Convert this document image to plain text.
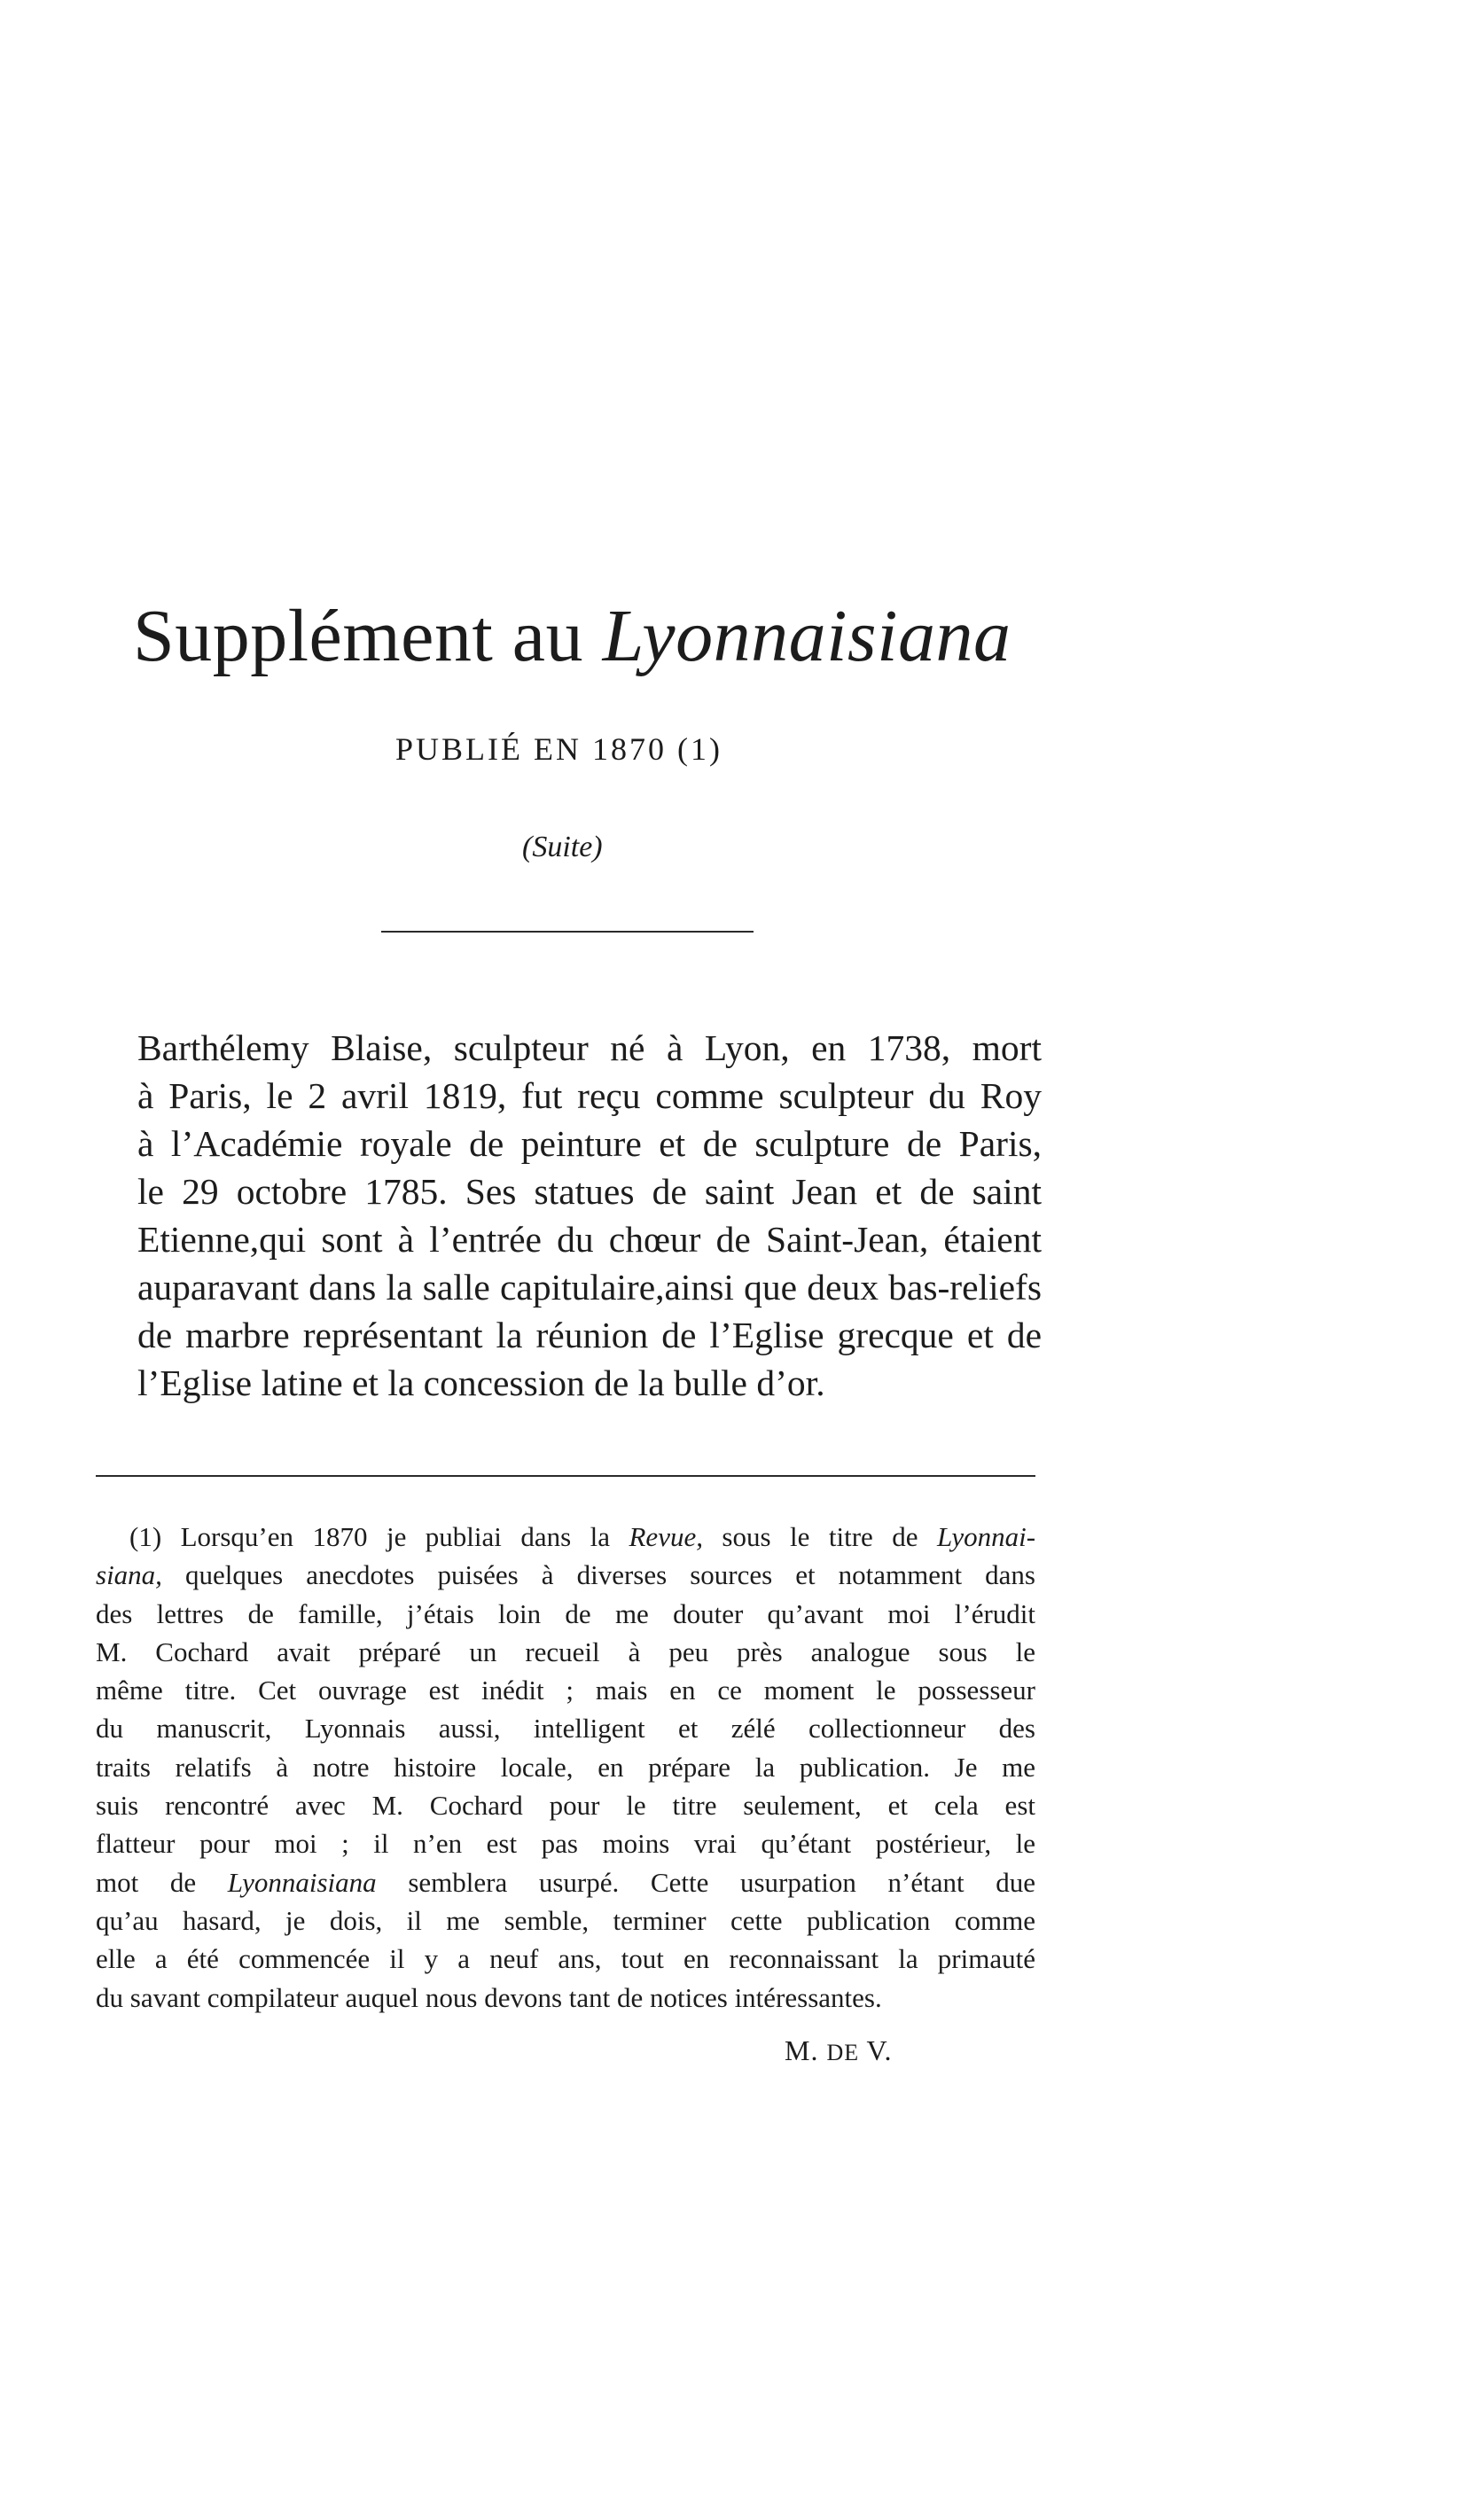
Supplément au Lyonnaisiana
PUBLIÉ EN 1870 (1)
(Suite)
Barthélemy Blaise, sculpteur né à Lyon, en 1738, mort
à Paris, le 2 avril 1819, fut reçu comme sculpteur du Roy
à l’Académie royale de peinture et de sculpture de Paris,
le 29 octobre 1785. Ses statues de saint Jean et de saint
Etienne,qui sont à l’entrée du chœur de Saint-Jean, étaient
auparavant dans la salle capitulaire,ainsi que deux bas-reliefs
de marbre représentant la réunion de l’Eglise grecque et de
l’Eglise latine et la concession de la bulle d’or.
(1) Lorsqu’en 1870 je publiai dans la Revue, sous le titre de Lyonnai-
siana, quelques anecdotes puisées à diverses sources et notamment dans
des lettres de famille, j’étais loin de me douter qu’avant moi l’érudit
M. Cochard avait préparé un recueil à peu près analogue sous le
même titre. Cet ouvrage est inédit ; mais en ce moment le possesseur
du manuscrit, Lyonnais aussi, intelligent et zélé collectionneur des
traits relatifs à notre histoire locale, en prépare la publication. Je me
suis rencontré avec M. Cochard pour le titre seulement, et cela est
flatteur pour moi ; il n’en est pas moins vrai qu’étant postérieur, le
mot de Lyonnaisiana semblera usurpé. Cette usurpation n’étant due
qu’au hasard, je dois, il me semble, terminer cette publication comme
elle a été commencée il y a neuf ans, tout en reconnaissant la primauté
du savant compilateur auquel nous devons tant de notices intéressantes.
M. DE V.
